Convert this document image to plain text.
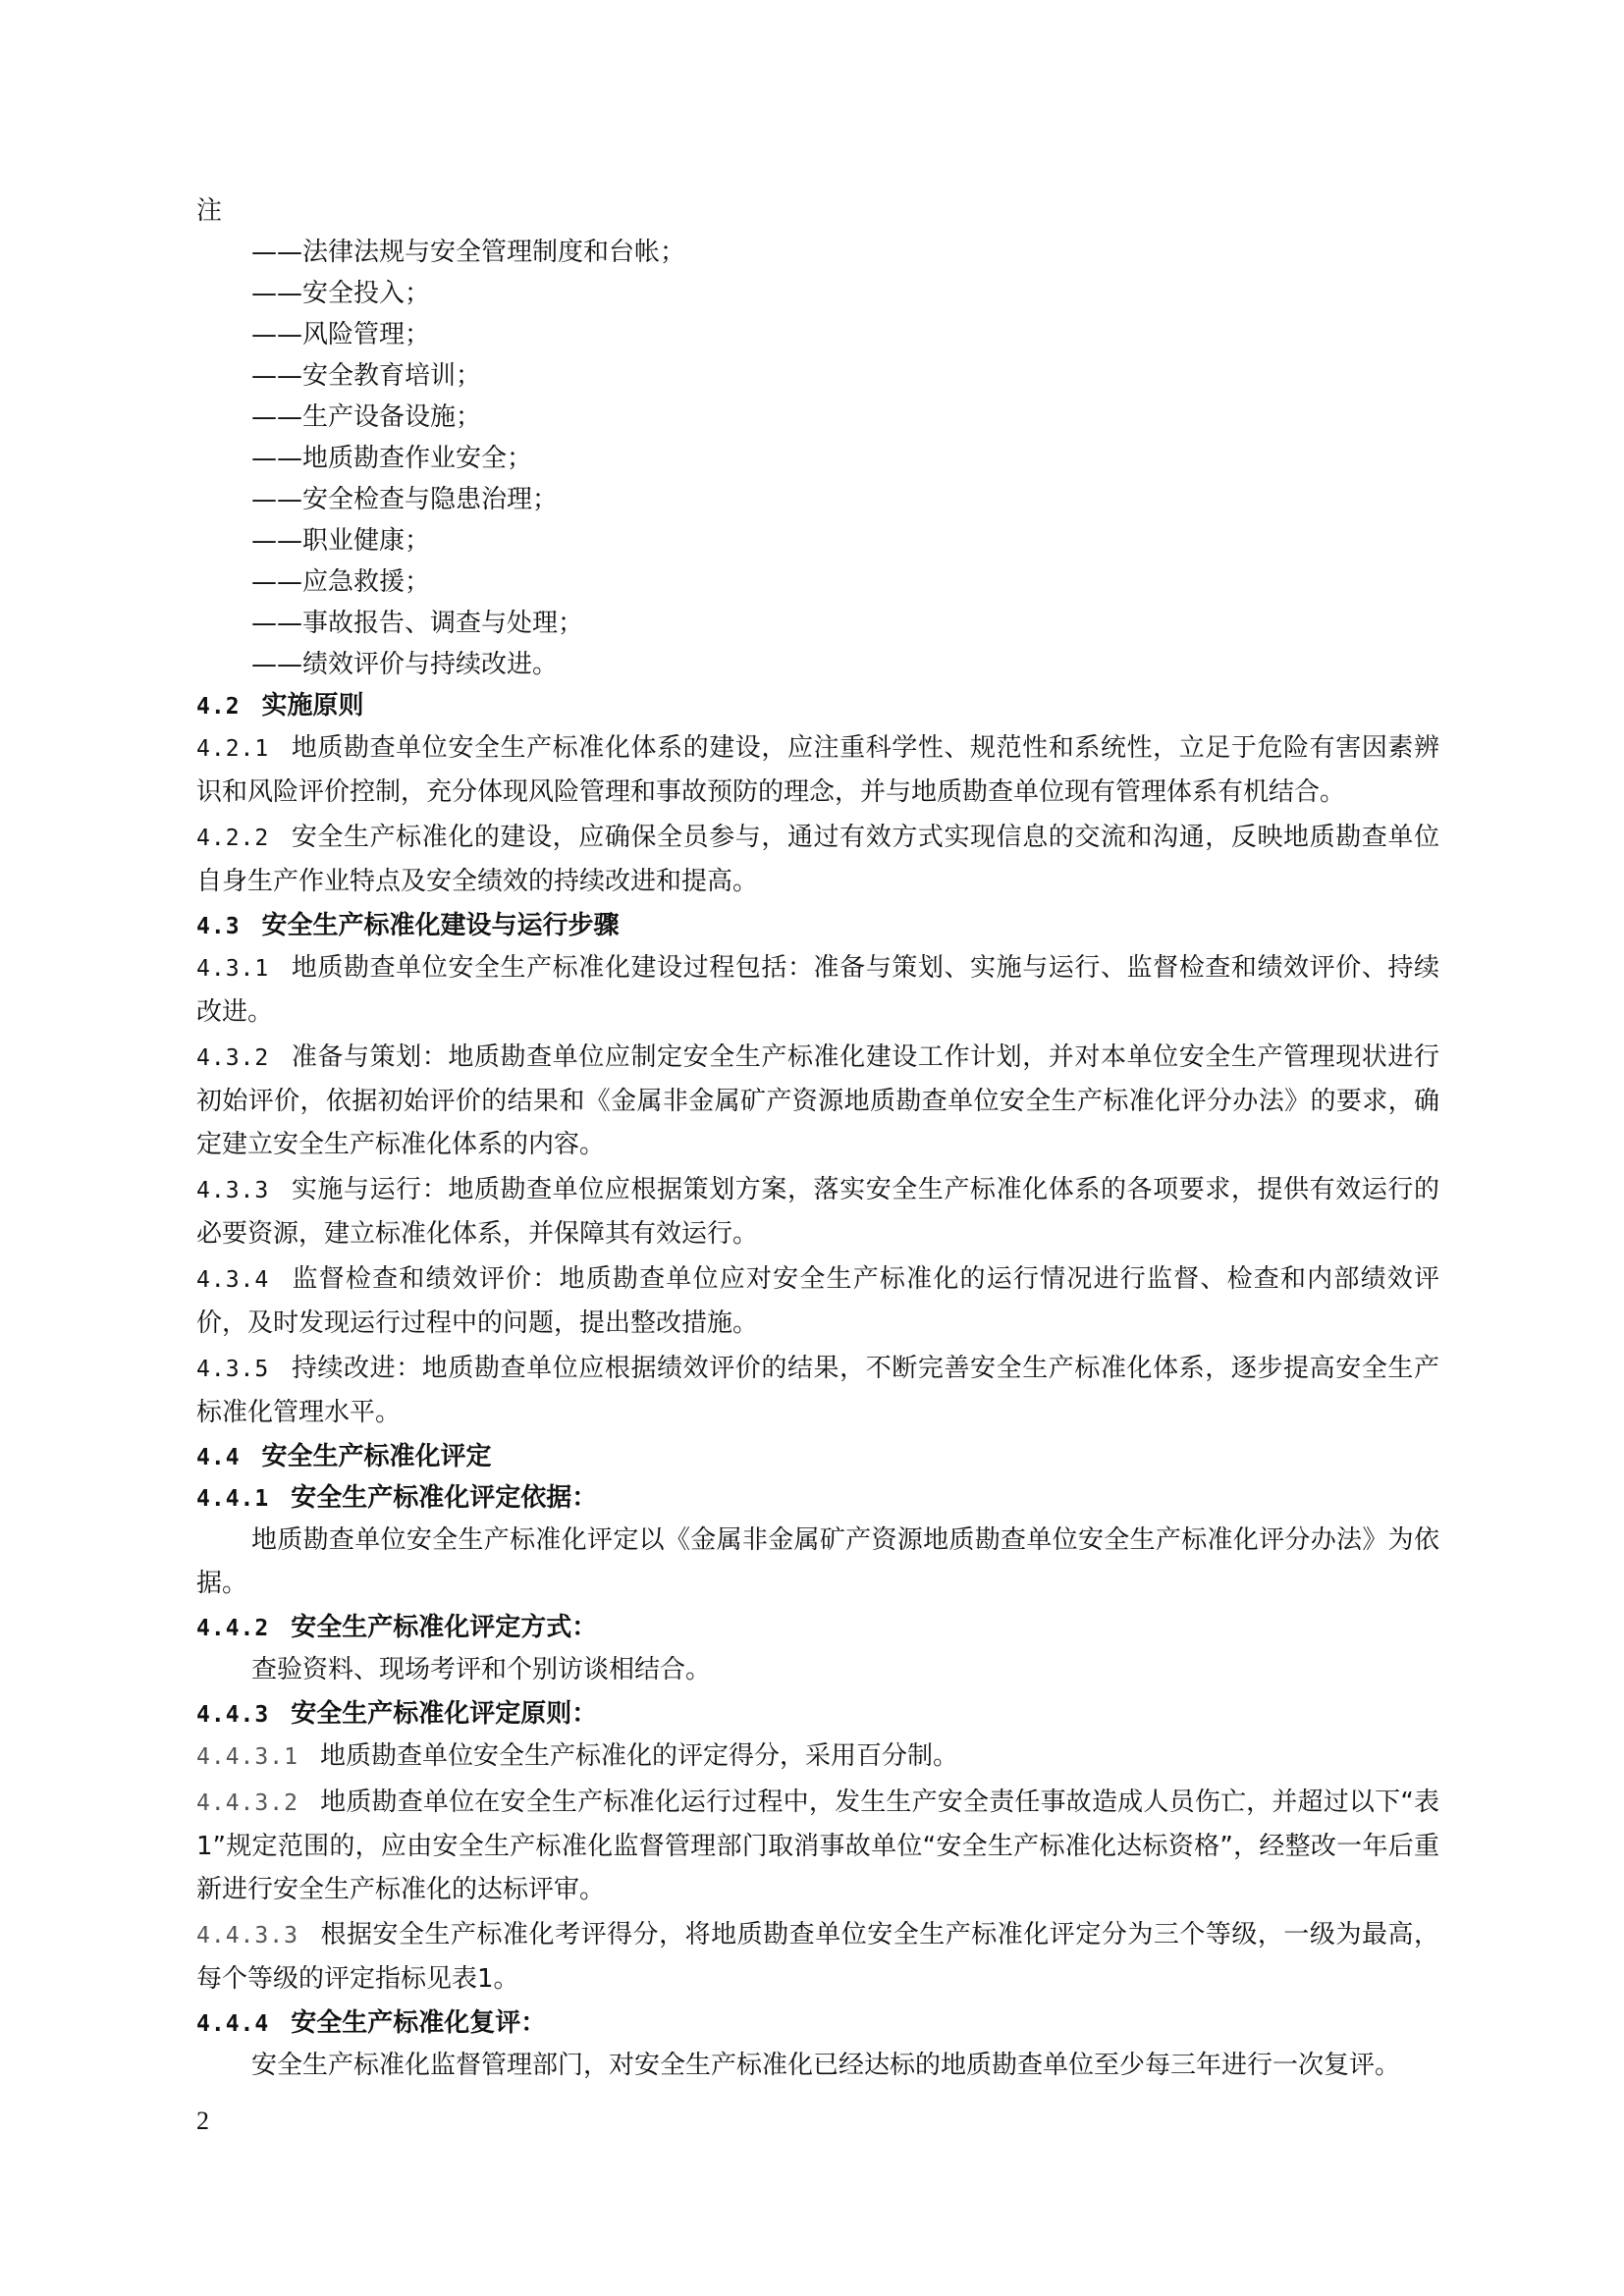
注
——法律法规与安全管理制度和台帐；
——安全投入；
——风险管理；
——安全教育培训；
——生产设备设施；
——地质勘查作业安全；
——安全检查与隐患治理；
——职业健康；
——应急救援；
——事故报告、调查与处理；
——绩效评价与持续改进。
4.2 实施原则
4.2.1 地质勘查单位安全生产标准化体系的建设，应注重科学性、规范性和系统性，立足于危险有害因素辨识和风险评价控制，充分体现风险管理和事故预防的理念，并与地质勘查单位现有管理体系有机结合。
4.2.2 安全生产标准化的建设，应确保全员参与，通过有效方式实现信息的交流和沟通，反映地质勘查单位自身生产作业特点及安全绩效的持续改进和提高。
4.3 安全生产标准化建设与运行步骤
4.3.1 地质勘查单位安全生产标准化建设过程包括：准备与策划、实施与运行、监督检查和绩效评价、持续改进。
4.3.2 准备与策划：地质勘查单位应制定安全生产标准化建设工作计划，并对本单位安全生产管理现状进行初始评价，依据初始评价的结果和《金属非金属矿产资源地质勘查单位安全生产标准化评分办法》的要求，确定建立安全生产标准化体系的内容。
4.3.3 实施与运行：地质勘查单位应根据策划方案，落实安全生产标准化体系的各项要求，提供有效运行的必要资源，建立标准化体系，并保障其有效运行。
4.3.4 监督检查和绩效评价：地质勘查单位应对安全生产标准化的运行情况进行监督、检查和内部绩效评价，及时发现运行过程中的问题，提出整改措施。
4.3.5 持续改进：地质勘查单位应根据绩效评价的结果，不断完善安全生产标准化体系，逐步提高安全生产标准化管理水平。
4.4 安全生产标准化评定
4.4.1 安全生产标准化评定依据：
地质勘查单位安全生产标准化评定以《金属非金属矿产资源地质勘查单位安全生产标准化评分办法》为依据。
4.4.2 安全生产标准化评定方式：
查验资料、现场考评和个别访谈相结合。
4.4.3 安全生产标准化评定原则：
4.4.3.1 地质勘查单位安全生产标准化的评定得分，采用百分制。
4.4.3.2 地质勘查单位在安全生产标准化运行过程中，发生生产安全责任事故造成人员伤亡，并超过以下“表1”规定范围的，应由安全生产标准化监督管理部门取消事故单位“安全生产标准化达标资格”，经整改一年后重新进行安全生产标准化的达标评审。
4.4.3.3 根据安全生产标准化考评得分，将地质勘查单位安全生产标准化评定分为三个等级，一级为最高，每个等级的评定指标见表1。
4.4.4 安全生产标准化复评：
安全生产标准化监督管理部门，对安全生产标准化已经达标的地质勘查单位至少每三年进行一次复评。
2
